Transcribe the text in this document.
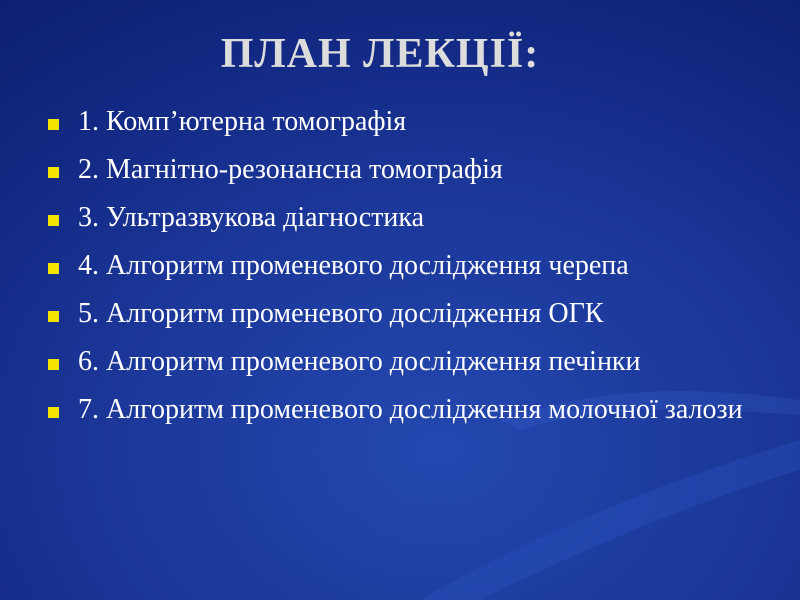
ПЛАН ЛЕКЦІЇ:
1. Комп’ютерна томографія
2. Магнітно-резонансна томографія
3. Ультразвукова діагностика
4. Алгоритм променевого дослідження черепа
5. Алгоритм променевого дослідження ОГК
6. Алгоритм променевого дослідження печінки
7. Алгоритм променевого дослідження молочної залози
